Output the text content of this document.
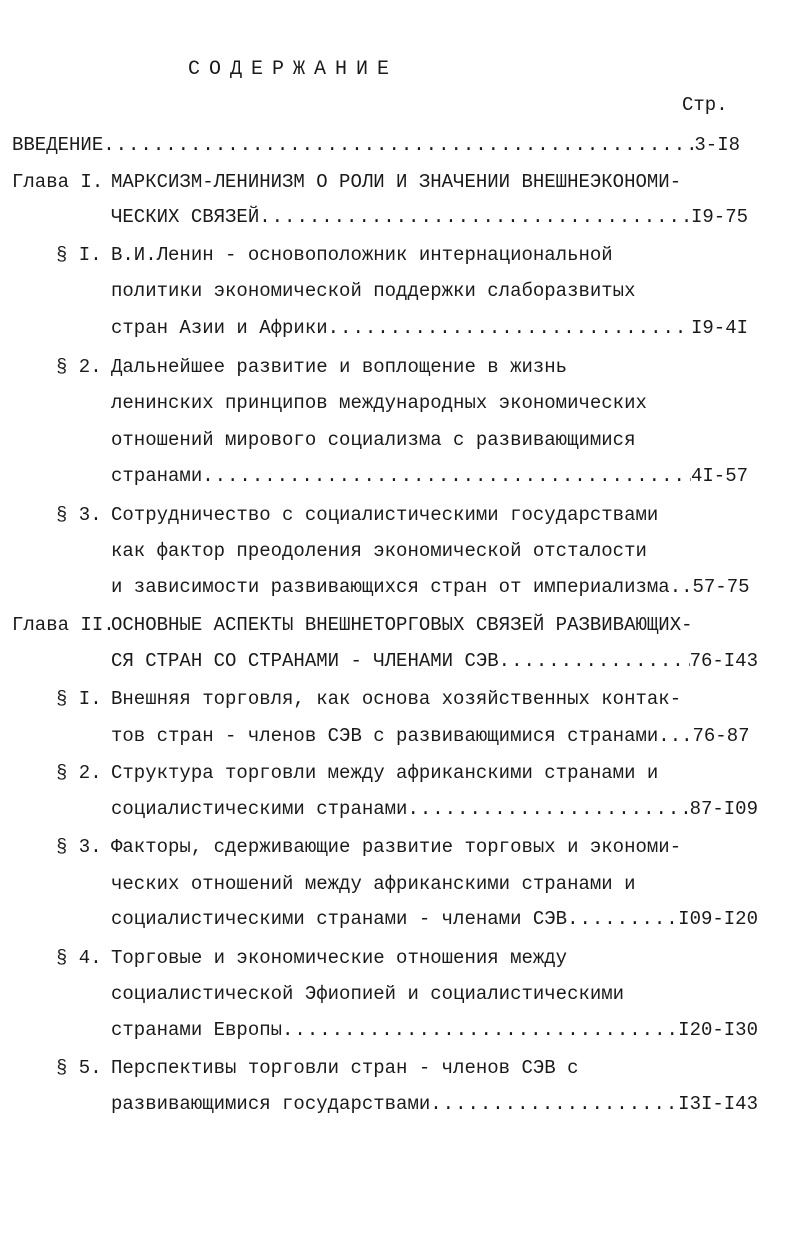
СОДЕРЖАНИЕ
Стр.
ВВЕДЕНИЕ .....	3-I8
Глава I. МАРКСИЗМ-ЛЕНИНИЗМ О РОЛИ И ЗНАЧЕНИИ ВНЕШНЕЭКОНОМИ-
ЧЕСКИХ СВЯЗЕЙ .....	I9-75
§ I. В.И.Ленин - основоположник интернациональной
политики экономической поддержки слаборазвитых
стран Азии и Африки .....	I9-4I
§ 2. Дальнейшее развитие и воплощение в жизнь
ленинских принципов международных экономических
отношений мирового социализма с развивающимися
странами .....	4I-57
§ 3. Сотрудничество с социалистическими государствами
как фактор преодоления экономической отсталости
и зависимости развивающихся стран от империализма.. 57-75
Глава II.
ОСНОВНЫЕ АСПЕКТЫ ВНЕШНЕТОРГОВЫХ СВЯЗЕЙ РАЗВИВАЮЩИХ-
СЯ СТРАН СО СТРАНАМИ - ЧЛЕНАМИ СЭВ .....	76-I43
§ I. Внешняя торговля, как основа хозяйственных контак-
тов стран - членов СЭВ с развивающимися странами... 76-87
§ 2. Структура торговли между африканскими странами и
социалистическими странами .....	87-I09
§ 3. Факторы, сдерживающие развитие торговых и экономи-
ческих отношений между африканскими странами и
социалистическими странами - членами СЭВ .....	I09-I20
§ 4. Торговые и экономические отношения между
социалистической Эфиопией и социалистическими
странами Европы .....	I20-I30
§ 5. Перспективы торговли стран - членов СЭВ с
развивающимися государствами .....	I3I-I43
